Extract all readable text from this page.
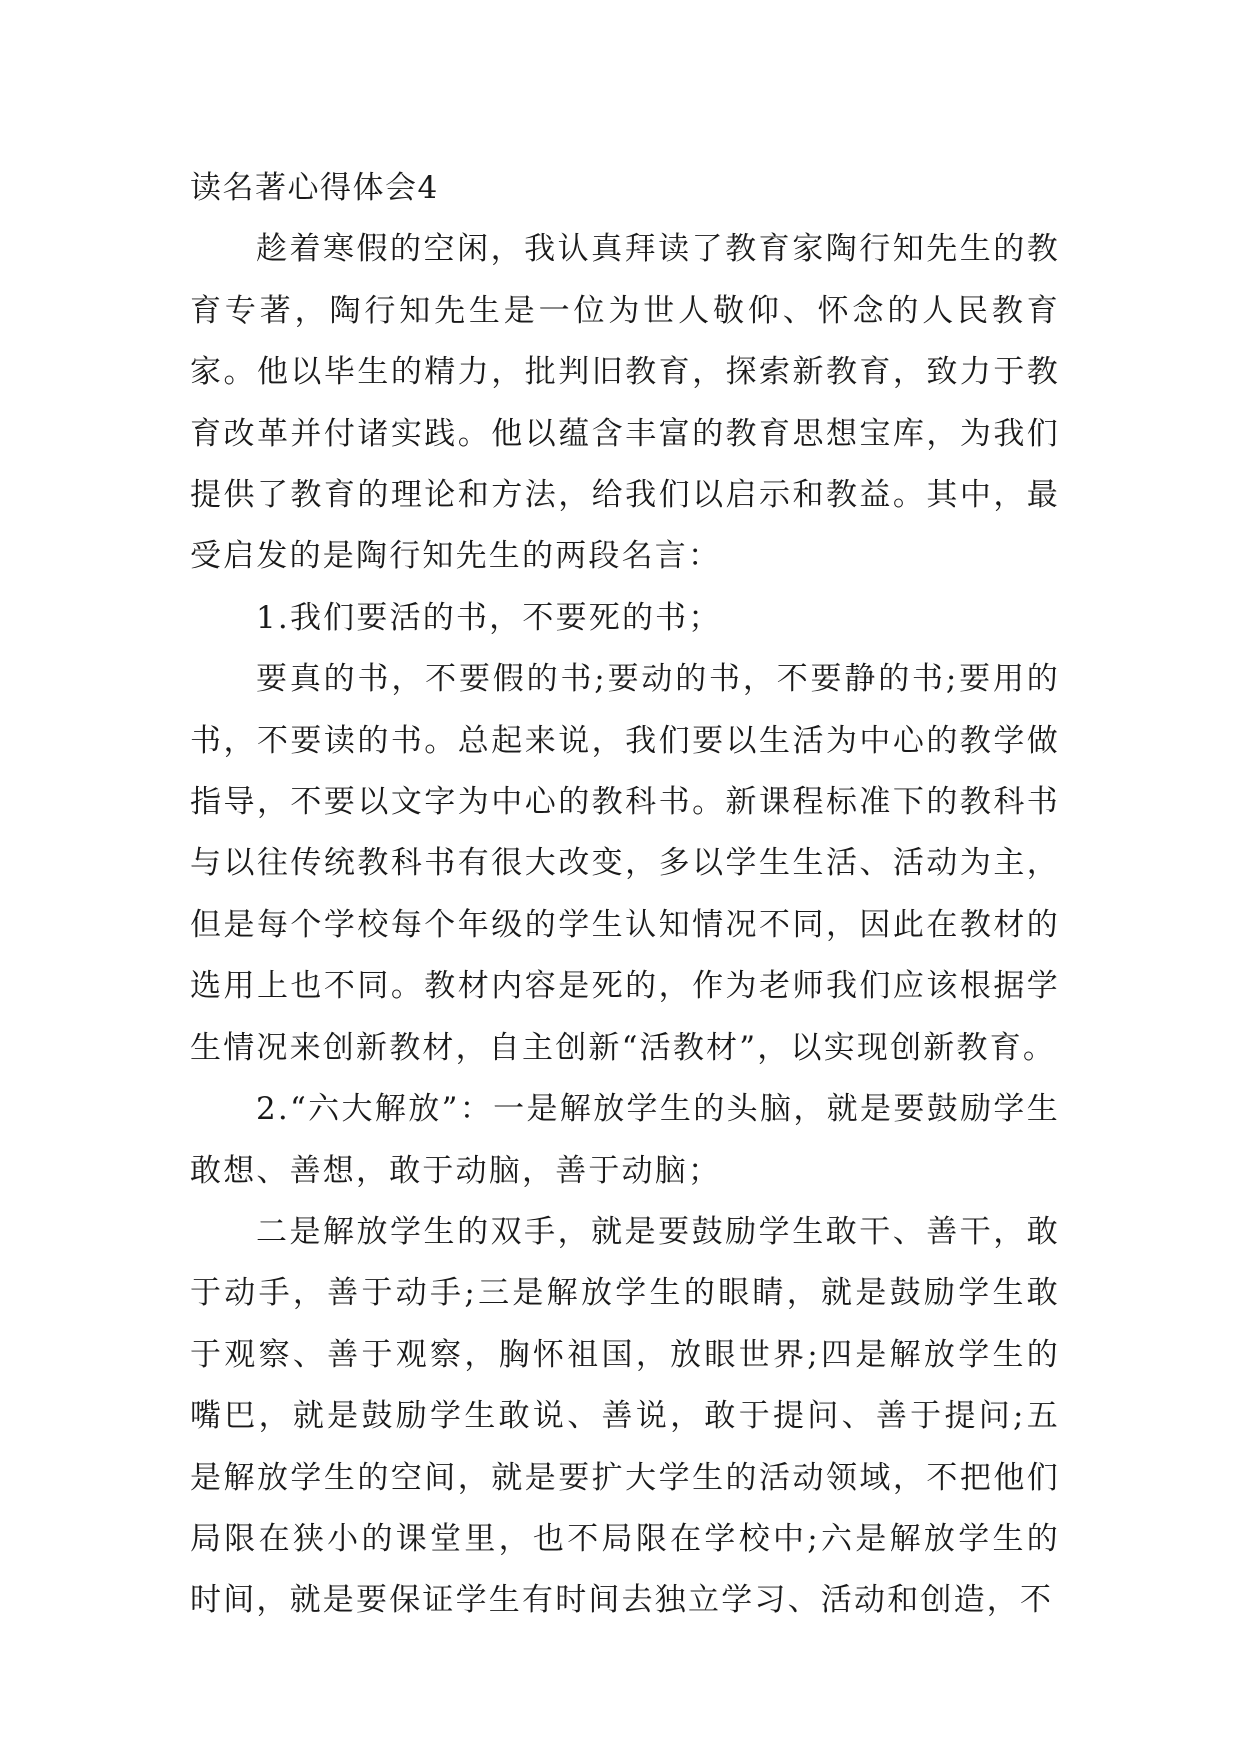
读名著心得体会4

趁着寒假的空闲，我认真拜读了教育家陶行知先生的教育专著，陶行知先生是一位为世人敬仰、怀念的人民教育家。他以毕生的精力，批判旧教育，探索新教育，致力于教育改革并付诸实践。他以蕴含丰富的教育思想宝库，为我们提供了教育的理论和方法，给我们以启示和教益。其中，最受启发的是陶行知先生的两段名言：

1.我们要活的书，不要死的书；

要真的书，不要假的书;要动的书，不要静的书;要用的书，不要读的书。总起来说，我们要以生活为中心的教学做指导，不要以文字为中心的教科书。新课程标准下的教科书与以往传统教科书有很大改变，多以学生生活、活动为主，但是每个学校每个年级的学生认知情况不同，因此在教材的选用上也不同。教材内容是死的，作为老师我们应该根据学生情况来创新教材，自主创新“活教材”，以实现创新教育。

2.“六大解放”：一是解放学生的头脑，就是要鼓励学生敢想、善想，敢于动脑，善于动脑；

二是解放学生的双手，就是要鼓励学生敢干、善干，敢于动手，善于动手;三是解放学生的眼睛，就是鼓励学生敢于观察、善于观察，胸怀祖国，放眼世界;四是解放学生的嘴巴，就是鼓励学生敢说、善说，敢于提问、善于提问;五是解放学生的空间，就是要扩大学生的活动领域，不把他们局限在狭小的课堂里，也不局限在学校中;六是解放学生的时间，就是要保证学生有时间去独立学习、活动和创造，不
